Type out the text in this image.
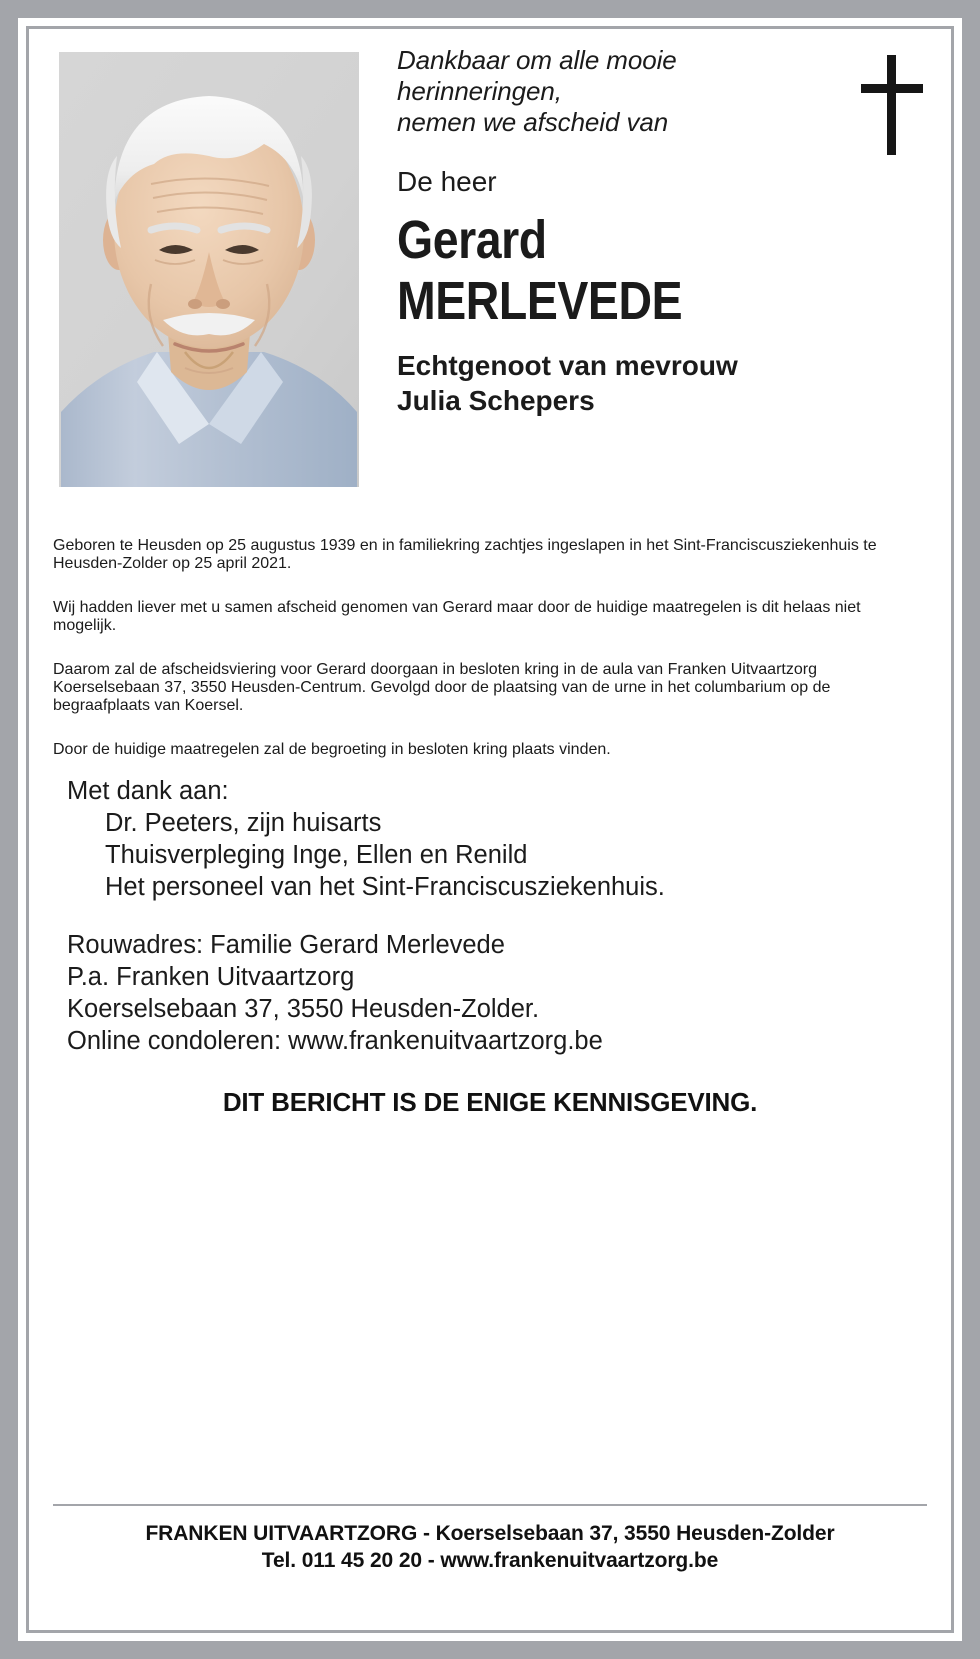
Dankbaar om alle mooie
herinneringen,
nemen we afscheid van
De heer
Gerard
MERLEVEDE
Echtgenoot van mevrouw
Julia Schepers

Geboren te Heusden op 25 augustus 1939 en in familiekring zachtjes ingeslapen in het Sint-Franciscusziekenhuis te Heusden-Zolder op 25 april 2021.

Wij hadden liever met u samen afscheid genomen van Gerard maar door de huidige maatregelen is dit helaas niet mogelijk.

Daarom zal de afscheidsviering voor Gerard doorgaan in besloten kring in de aula van Franken Uitvaartzorg Koerselsebaan 37, 3550 Heusden-Centrum. Gevolgd door de plaatsing van de urne in het columbarium op de begraafplaats van Koersel.

Door de huidige maatregelen zal de begroeting in besloten kring plaats vinden.

Met dank aan:
Dr. Peeters, zijn huisarts
Thuisverpleging Inge, Ellen en Renild
Het personeel van het Sint-Franciscusziekenhuis.
Rouwadres: Familie Gerard Merlevede
P.a. Franken Uitvaartzorg
Koerselsebaan 37, 3550 Heusden-Zolder.
Online condoleren: www.frankenuitvaartzorg.be
DIT BERICHT IS DE ENIGE KENNISGEVING.
FRANKEN UITVAARTZORG - Koerselsebaan 37, 3550 Heusden-Zolder
Tel. 011 45 20 20 - www.frankenuitvaartzorg.be
